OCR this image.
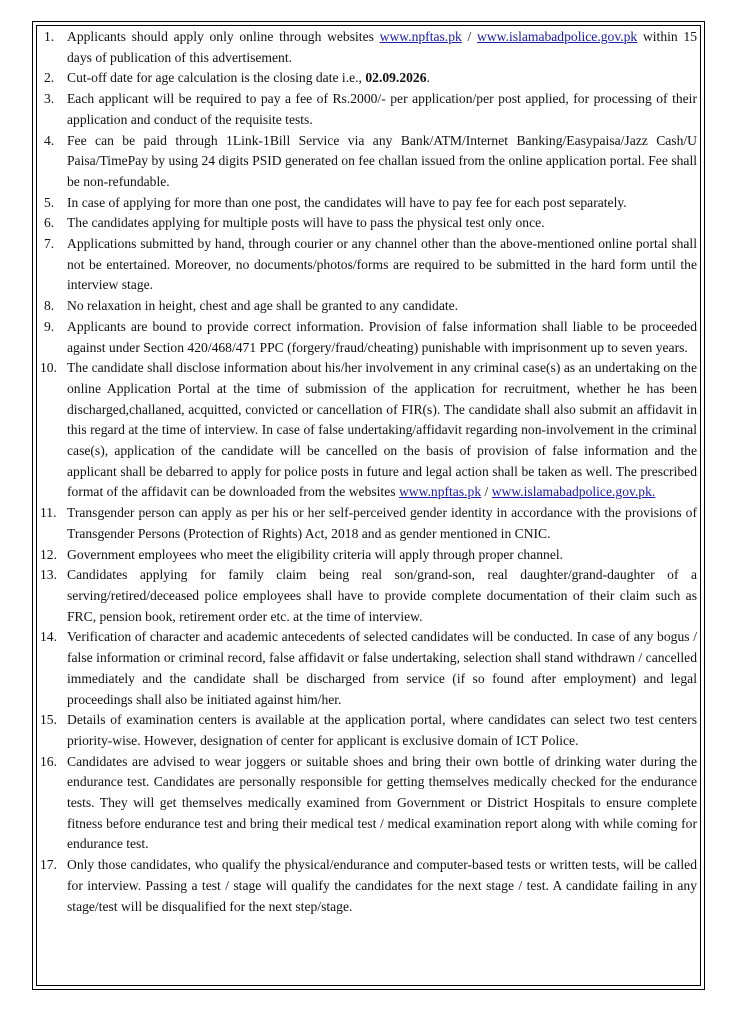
1. Applicants should apply only online through websites www.npftas.pk / www.islamabadpolice.gov.pk within 15 days of publication of this advertisement.
2. Cut-off date for age calculation is the closing date i.e., 02.09.2026.
3. Each applicant will be required to pay a fee of Rs.2000/- per application/per post applied, for processing of their application and conduct of the requisite tests.
4. Fee can be paid through 1Link-1Bill Service via any Bank/ATM/Internet Banking/Easypaisa/Jazz Cash/U Paisa/TimePay by using 24 digits PSID generated on fee challan issued from the online application portal. Fee shall be non-refundable.
5. In case of applying for more than one post, the candidates will have to pay fee for each post separately.
6. The candidates applying for multiple posts will have to pass the physical test only once.
7. Applications submitted by hand, through courier or any channel other than the above-mentioned online portal shall not be entertained. Moreover, no documents/photos/forms are required to be submitted in the hard form until the interview stage.
8. No relaxation in height, chest and age shall be granted to any candidate.
9. Applicants are bound to provide correct information. Provision of false information shall liable to be proceeded against under Section 420/468/471 PPC (forgery/fraud/cheating) punishable with imprisonment up to seven years.
10. The candidate shall disclose information about his/her involvement in any criminal case(s) as an undertaking on the online Application Portal at the time of submission of the application for recruitment, whether he has been discharged,challaned, acquitted, convicted or cancellation of FIR(s). The candidate shall also submit an affidavit in this regard at the time of interview. In case of false undertaking/affidavit regarding non-involvement in the criminal case(s), application of the candidate will be cancelled on the basis of provision of false information and the applicant shall be debarred to apply for police posts in future and legal action shall be taken as well. The prescribed format of the affidavit can be downloaded from the websites www.npftas.pk / www.islamabadpolice.gov.pk.
11. Transgender person can apply as per his or her self-perceived gender identity in accordance with the provisions of Transgender Persons (Protection of Rights) Act, 2018 and as gender mentioned in CNIC.
12. Government employees who meet the eligibility criteria will apply through proper channel.
13. Candidates applying for family claim being real son/grand-son, real daughter/grand-daughter of a serving/retired/deceased police employees shall have to provide complete documentation of their claim such as FRC, pension book, retirement order etc. at the time of interview.
14. Verification of character and academic antecedents of selected candidates will be conducted. In case of any bogus / false information or criminal record, false affidavit or false undertaking, selection shall stand withdrawn / cancelled immediately and the candidate shall be discharged from service (if so found after employment) and legal proceedings shall also be initiated against him/her.
15. Details of examination centers is available at the application portal, where candidates can select two test centers priority-wise. However, designation of center for applicant is exclusive domain of ICT Police.
16. Candidates are advised to wear joggers or suitable shoes and bring their own bottle of drinking water during the endurance test. Candidates are personally responsible for getting themselves medically checked for the endurance tests. They will get themselves medically examined from Government or District Hospitals to ensure complete fitness before endurance test and bring their medical test / medical examination report along with while coming for endurance test.
17. Only those candidates, who qualify the physical/endurance and computer-based tests or written tests, will be called for interview. Passing a test / stage will qualify the candidates for the next stage / test. A candidate failing in any stage/test will be disqualified for the next step/stage.
